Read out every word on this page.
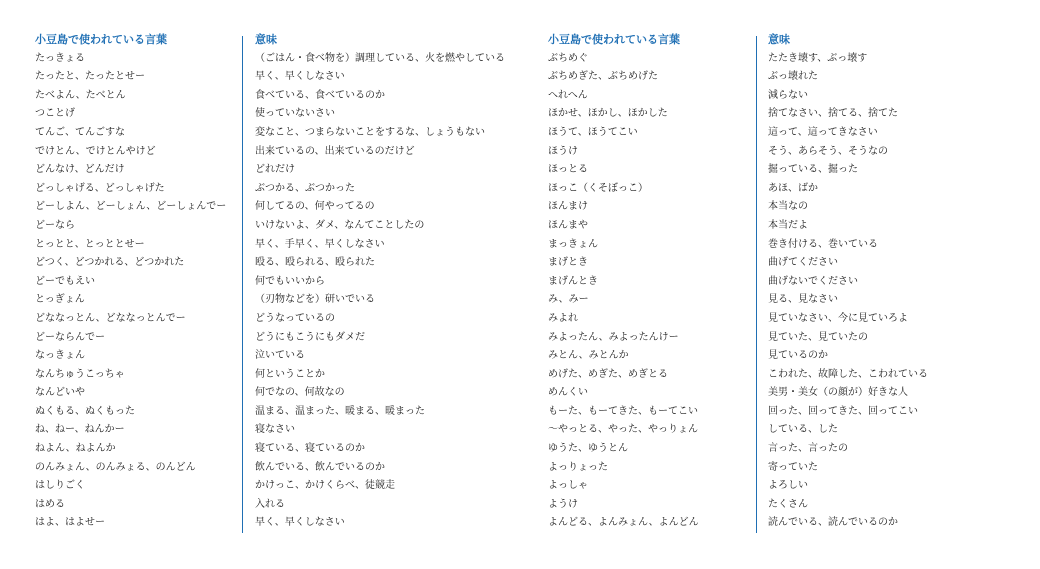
小豆島で使われている言葉
たっきょる
たったと、たったとせー
たべよん、たべとん
つことげ
てんご、てんごすな
でけとん、でけとんやけど
どんなけ、どんだけ
どっしゃげる、どっしゃげた
どーしよん、どーしょん、どーしょんでー
どーなら
とっとと、とっととせー
どつく、どつかれる、どつかれた
どーでもえい
とっぎょん
どななっとん、どななっとんでー
どーならんでー
なっきょん
なんちゅうこっちゃ
なんどいや
ぬくもる、ぬくもった
ね、ねー、ねんかー
ねよん、ねよんか
のんみょん、のんみょる、のんどん
はしりごく
はめる
はよ、はよせー
意味
（ごはん・食べ物を）調理している、火を燃やしている
早く、早くしなさい
食べている、食べているのか
使っていないさい
変なこと、つまらないことをするな、しょうもない
出来ているの、出来ているのだけど
どれだけ
ぶつかる、ぶつかった
何してるの、何やってるの
いけないよ、ダメ、なんてことしたの
早く、手早く、早くしなさい
殴る、殴られる、殴られた
何でもいいから
（刃物などを）研いでいる
どうなっているの
どうにもこうにもダメだ
泣いている
何ということか
何でなの、何故なの
温まる、温まった、暖まる、暖まった
寝なさい
寝ている、寝ているのか
飲んでいる、飲んでいるのか
かけっこ、かけくらべ、徒競走
入れる
早く、早くしなさい
小豆島で使われている言葉
ぶちめぐ
ぶちめぎた、ぶちめげた
へれへん
ほかせ、ほかし、ほかした
ほうて、ほうてこい
ほうけ
ほっとる
ほっこ（くそぼっこ）
ほんまけ
ほんまや
まっきょん
まげとき
まげんとき
み、みー
みよれ
みよったん、みよったんけー
みとん、みとんか
めげた、めぎた、めぎとる
めんくい
もーた、もーてきた、もーてこい
〜やっとる、やった、やっりょん
ゆうた、ゆうとん
よっりょった
よっしゃ
ようけ
よんどる、よんみょん、よんどん
意味
たたき壊す、ぶっ壊す
ぶっ壊れた
減らない
捨てなさい、捨てる、捨てた
這って、這ってきなさい
そう、あらそう、そうなの
掘っている、掘った
あほ、ばか
本当なの
本当だよ
巻き付ける、巻いている
曲げてください
曲げないでください
見る、見なさい
見ていなさい、今に見ていろよ
見ていた、見ていたの
見ているのか
こわれた、故障した、こわれている
美男・美女（の顔が）好きな人
回った、回ってきた、回ってこい
している、した
言った、言ったの
寄っていた
よろしい
たくさん
読んでいる、読んでいるのか
